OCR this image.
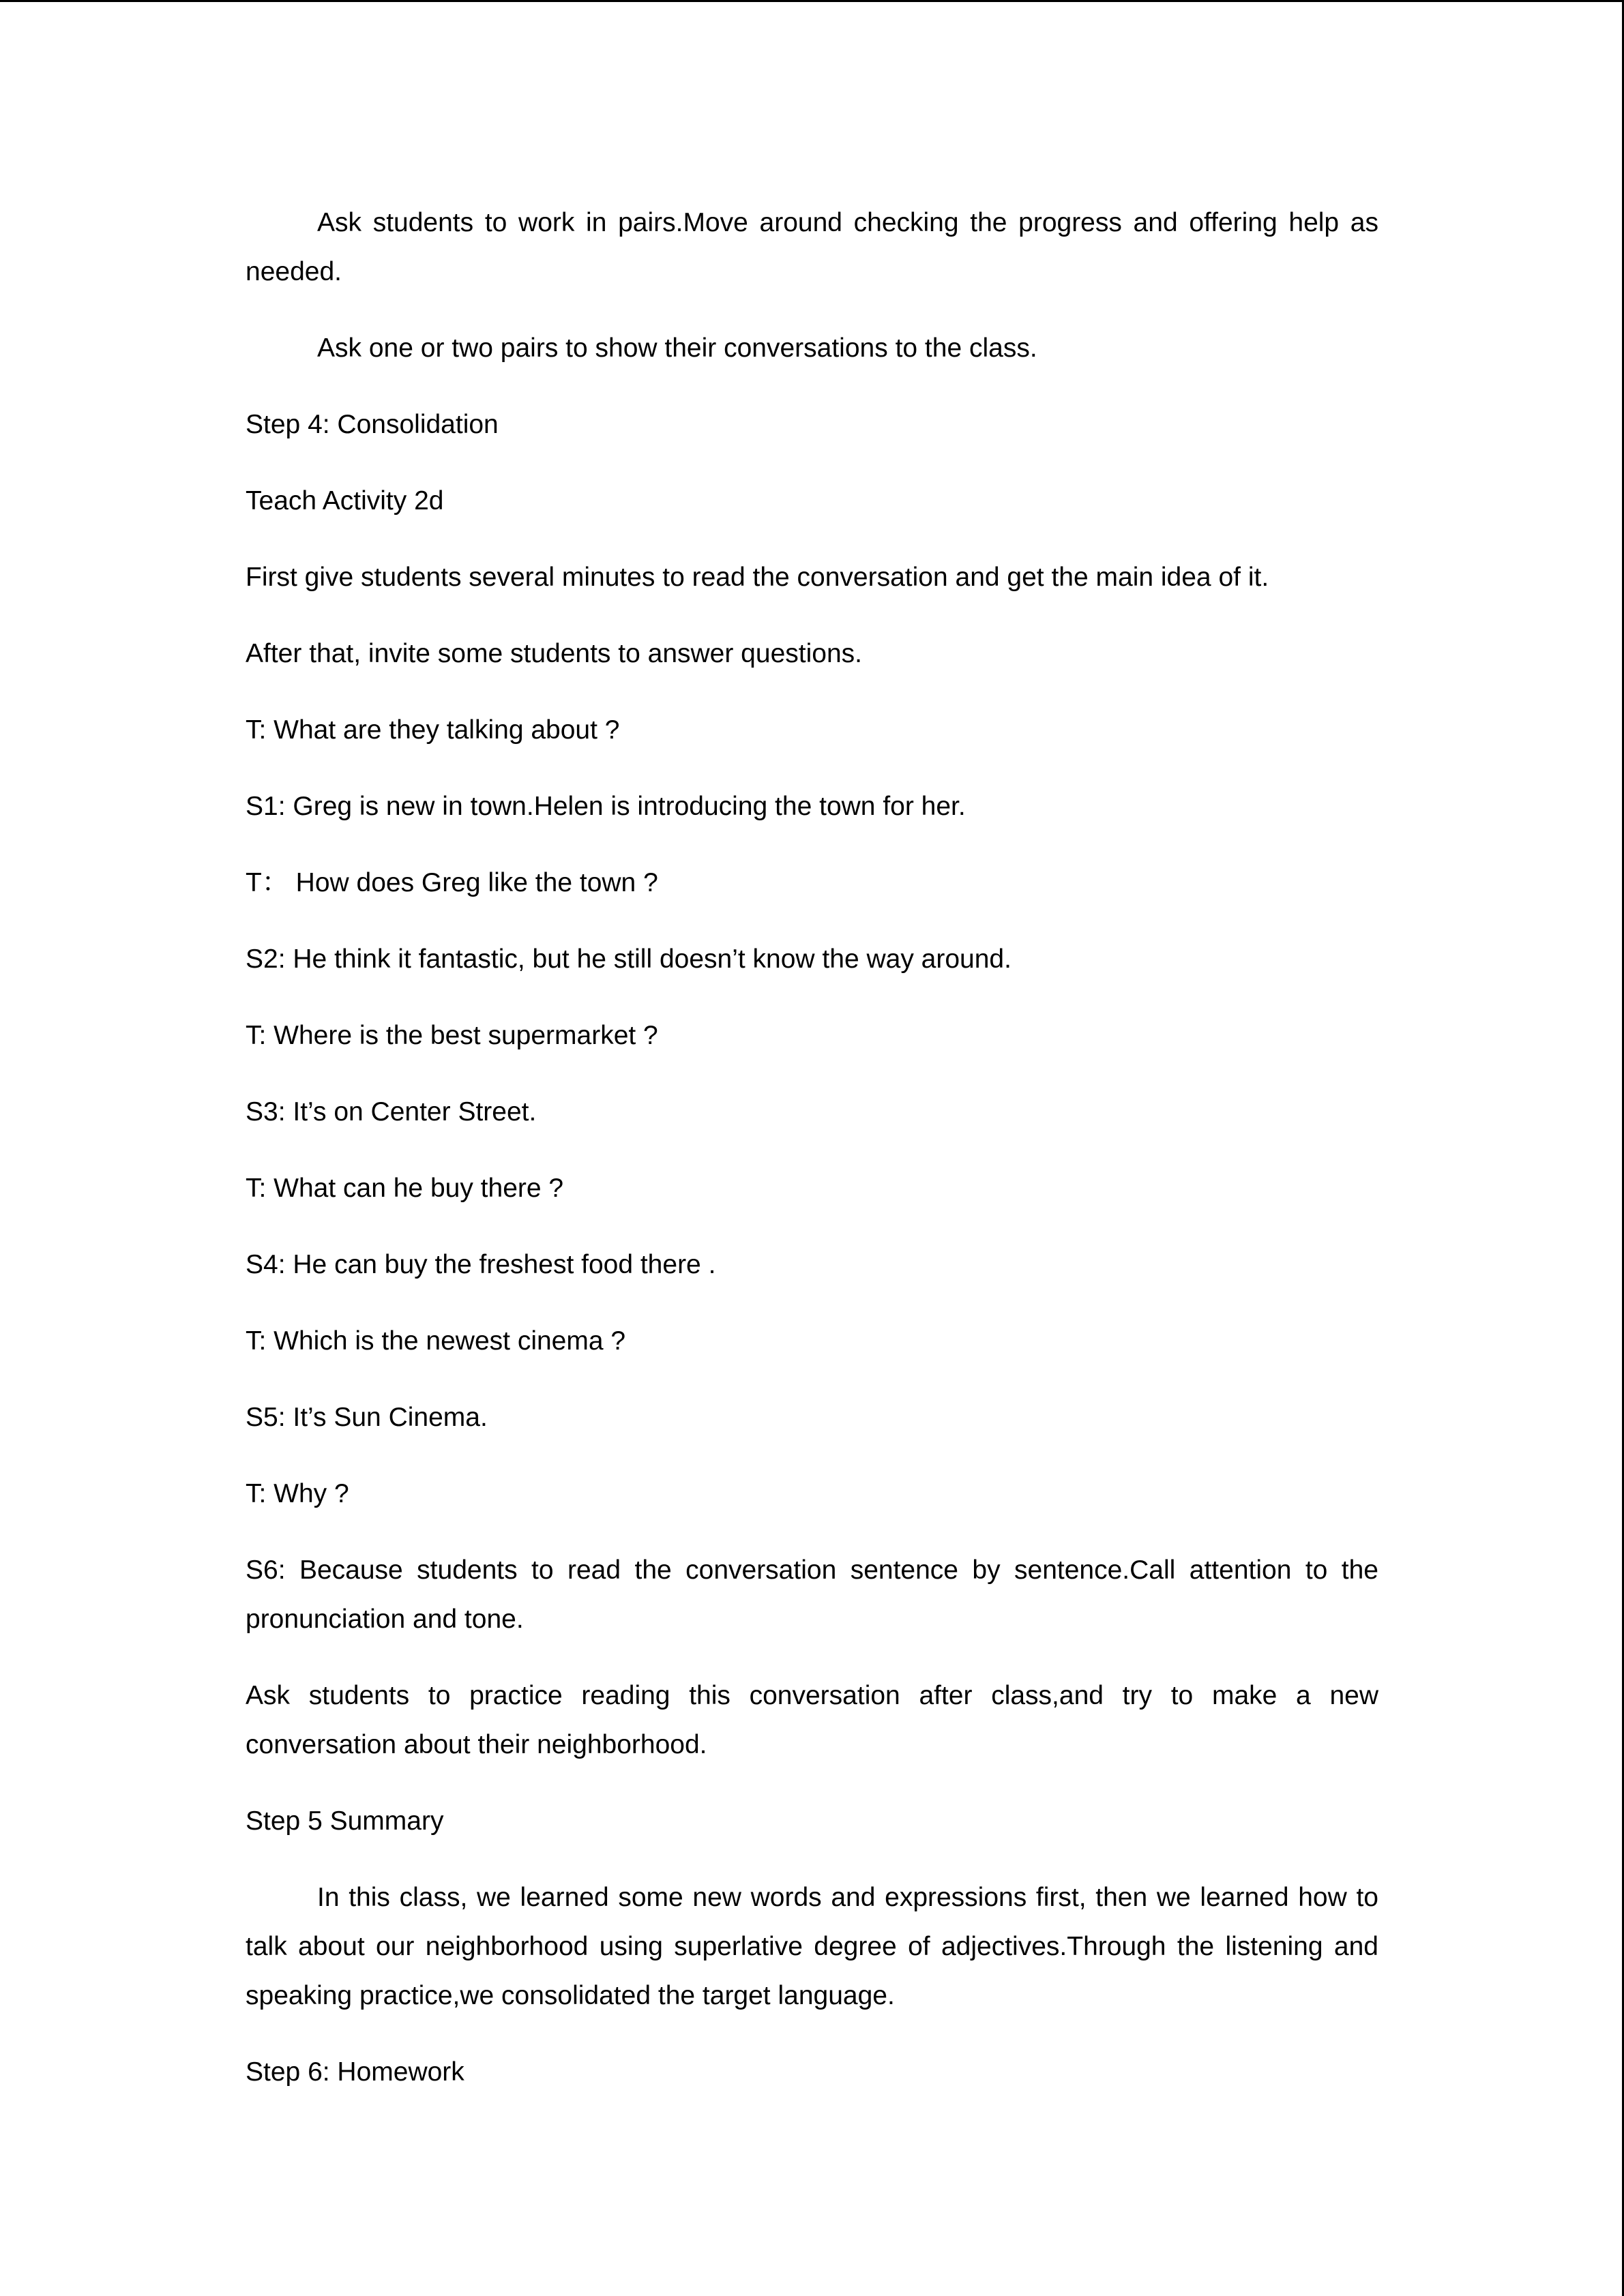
Ask students to work in pairs.Move around checking the progress and offering help as needed.

Ask one or two pairs to show their conversations to the class.

Step 4: Consolidation

Teach Activity 2d

First give students several minutes to read the conversation and get the main idea of it.

After that, invite some students to answer questions.

T: What are they talking about ?

S1: Greg is new in town.Helen is introducing the town for her.

T： How does Greg like the town ?

S2: He think it fantastic, but he still doesn’t know the way around.

T: Where is the best supermarket ?

S3: It’s on Center Street.

T: What can he buy there ?

S4: He can buy the freshest food there .

T: Which is the newest cinema ?

S5: It’s Sun Cinema.

T: Why ?

S6: Because students to read the conversation sentence by sentence.Call attention to the pronunciation and tone.

Ask students to practice reading this conversation after class,and try to make a new conversation about their neighborhood.

Step 5 Summary

In this class, we learned some new words and expressions first, then we learned how to talk about our neighborhood using superlative degree of adjectives.Through the listening and speaking practice,we consolidated the target language.

Step 6: Homework
